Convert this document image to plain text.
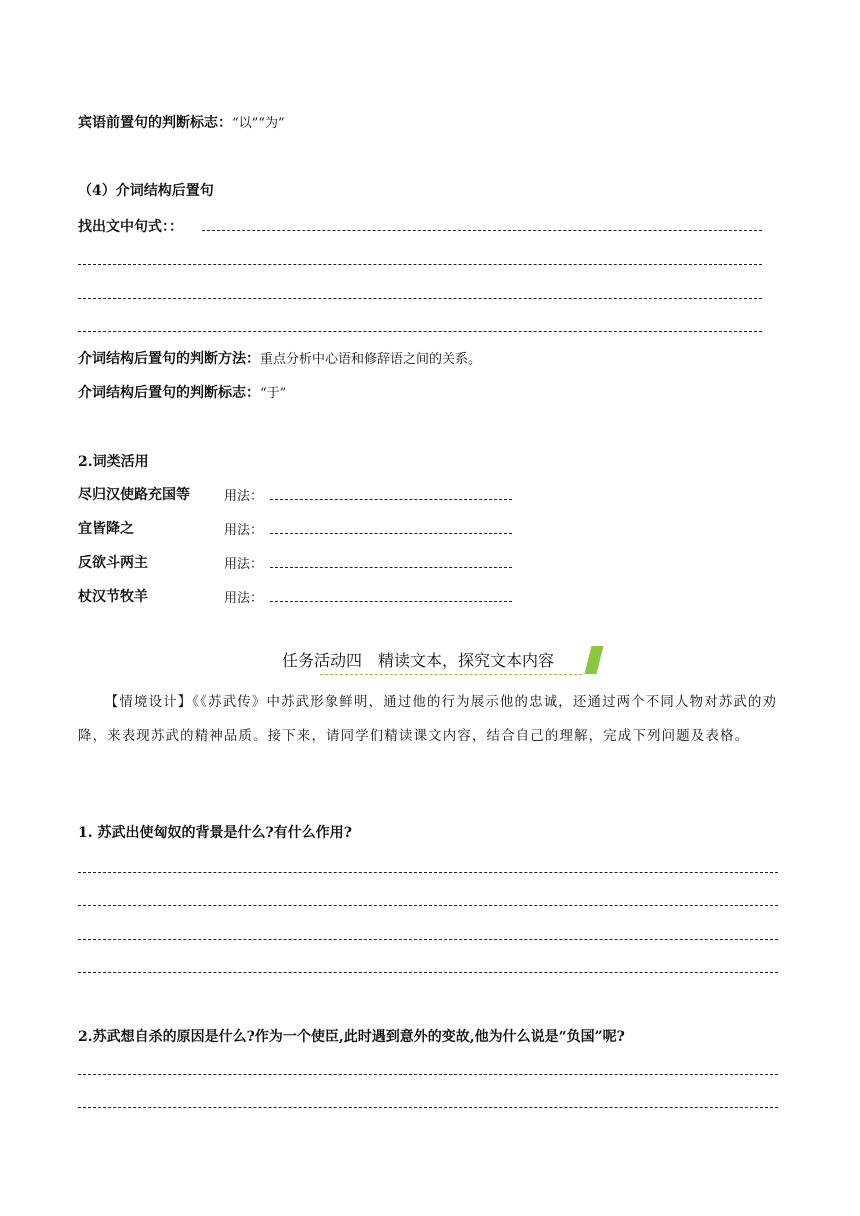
宾语前置句的判断标志：“以”“为”
（4）介词结构后置句
找出文中句式：：
介词结构后置句的判断方法：重点分析中心语和修辞语之间的关系。
介词结构后置句的判断标志：“于”
2.词类活用
尽归汉使路充国等	用法：
宜皆降之	用法：
反欲斗两主	用法：
杖汉节牧羊	用法：
任务活动四　精读文本，探究文本内容
【情境设计】《《苏武传》中苏武形象鲜明，通过他的行为展示他的忠诚，还通过两个不同人物对苏武的劝降，来表现苏武的精神品质。接下来，请同学们精读课文内容，结合自己的理解，完成下列问题及表格。
1. 苏武出使匈奴的背景是什么?有什么作用?
2.苏武想自杀的原因是什么?作为一个使臣,此时遇到意外的变故,他为什么说是“负国”呢?
